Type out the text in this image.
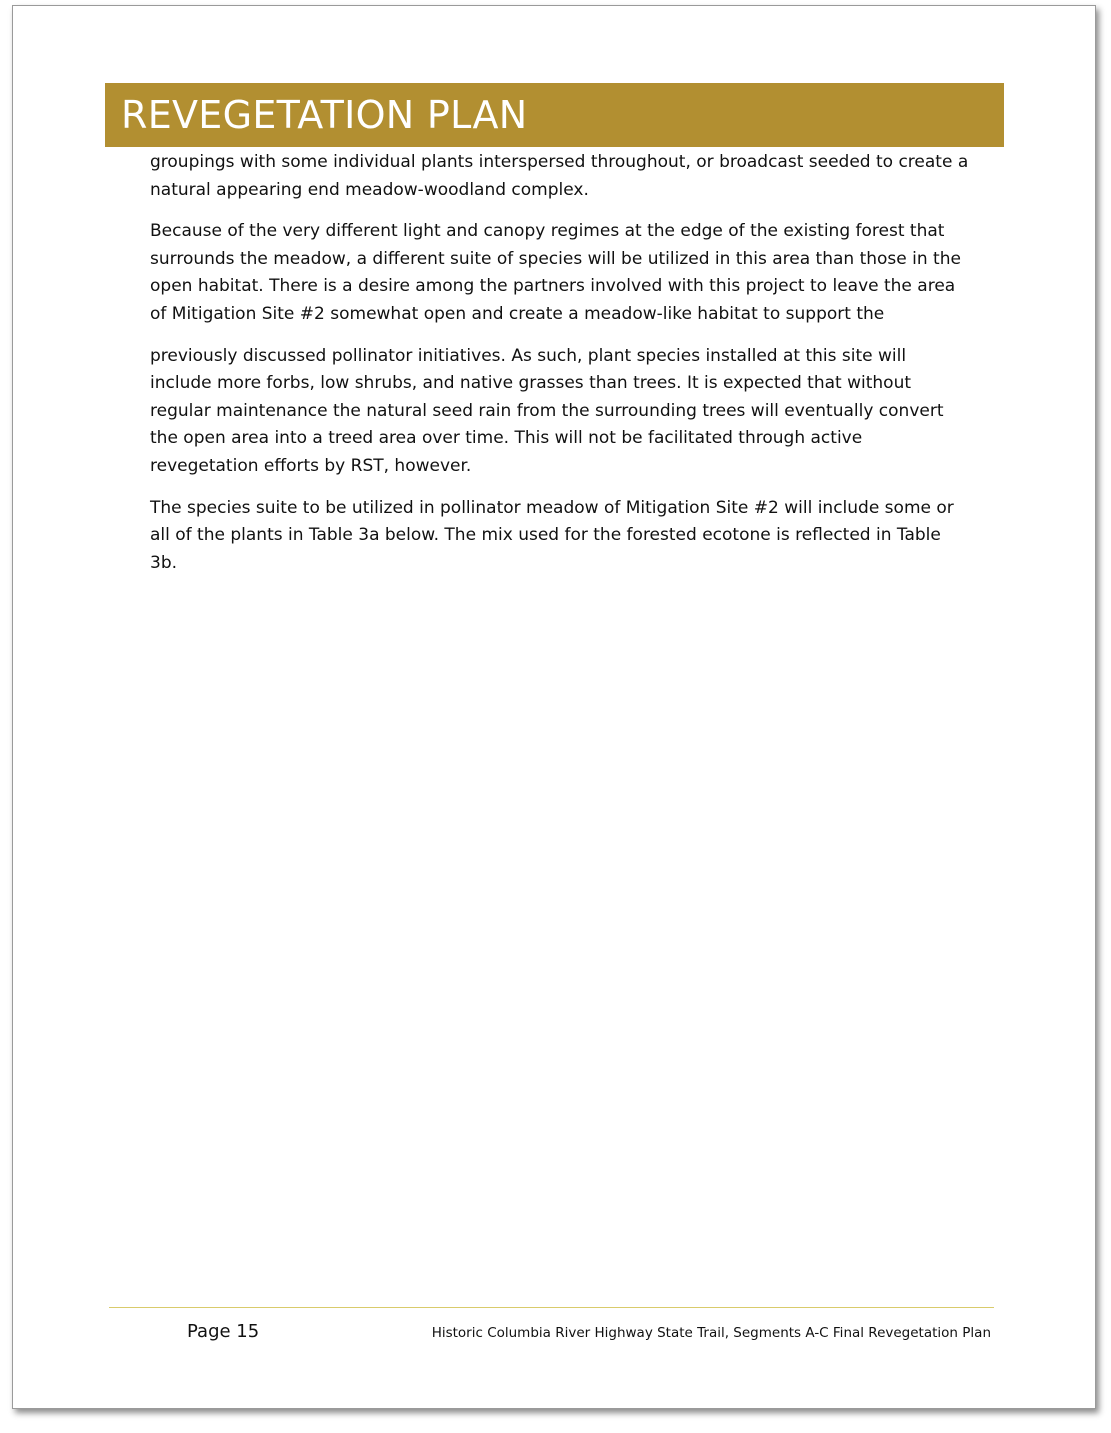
REVEGETATION PLAN

groupings with some individual plants interspersed throughout, or broadcast seeded to create a natural appearing end meadow-woodland complex.

Because of the very different light and canopy regimes at the edge of the existing forest that surrounds the meadow, a different suite of species will be utilized in this area than those in the open habitat. There is a desire among the partners involved with this project to leave the area of Mitigation Site #2 somewhat open and create a meadow-like habitat to support the

previously discussed pollinator initiatives. As such, plant species installed at this site will include more forbs, low shrubs, and native grasses than trees. It is expected that without regular maintenance the natural seed rain from the surrounding trees will eventually convert the open area into a treed area over time. This will not be facilitated through active revegetation efforts by RST, however.

The species suite to be utilized in pollinator meadow of Mitigation Site #2 will include some or all of the plants in Table 3a below. The mix used for the forested ecotone is reflected in Table 3b.

Page 15	Historic Columbia River Highway State Trail, Segments A-C Final Revegetation Plan
